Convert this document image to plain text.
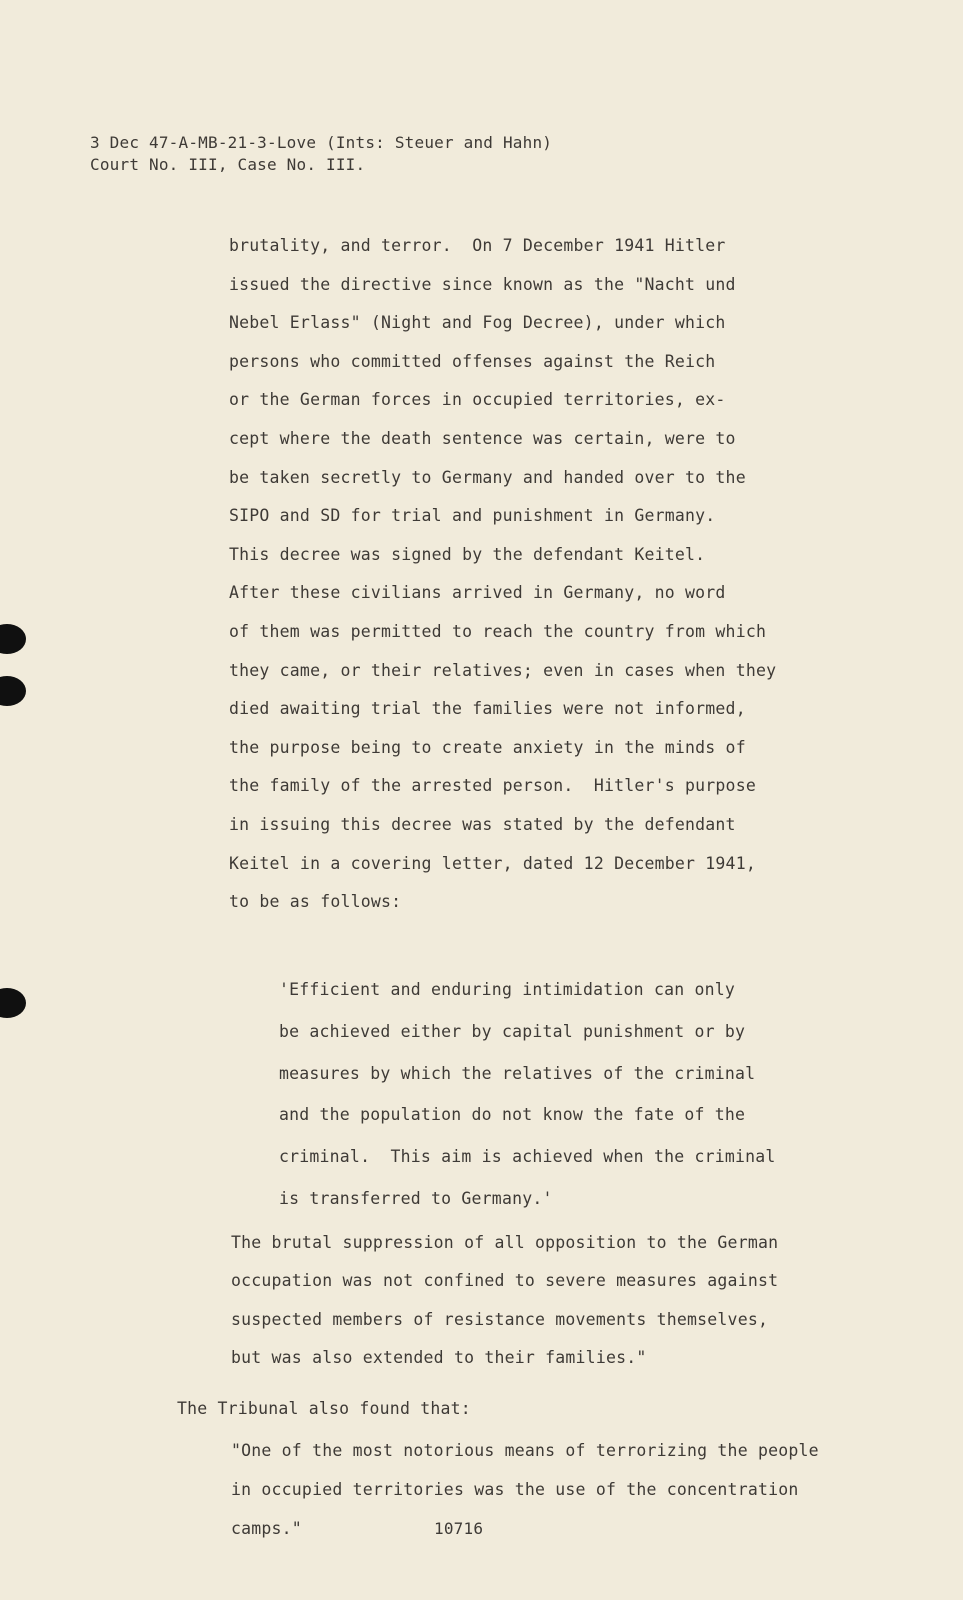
3 Dec 47-A-MB-21-3-Love (Ints: Steuer and Hahn)
Court No. III, Case No. III.
brutality, and terror.  On 7 December 1941 Hitler
issued the directive since known as the "Nacht und
Nebel Erlass" (Night and Fog Decree), under which
persons who committed offenses against the Reich
or the German forces in occupied territories, ex-
cept where the death sentence was certain, were to
be taken secretly to Germany and handed over to the
SIPO and SD for trial and punishment in Germany.
This decree was signed by the defendant Keitel.
After these civilians arrived in Germany, no word
of them was permitted to reach the country from which
they came, or their relatives; even in cases when they
died awaiting trial the families were not informed,
the purpose being to create anxiety in the minds of
the family of the arrested person.  Hitler's purpose
in issuing this decree was stated by the defendant
Keitel in a covering letter, dated 12 December 1941,
to be as follows:
'Efficient and enduring intimidation can only
be achieved either by capital punishment or by
measures by which the relatives of the criminal
and the population do not know the fate of the
criminal.  This aim is achieved when the criminal
is transferred to Germany.'
The brutal suppression of all opposition to the German
occupation was not confined to severe measures against
suspected members of resistance movements themselves,
but was also extended to their families."
The Tribunal also found that:
"One of the most notorious means of terrorizing the people
in occupied territories was the use of the concentration
camps."	10716
